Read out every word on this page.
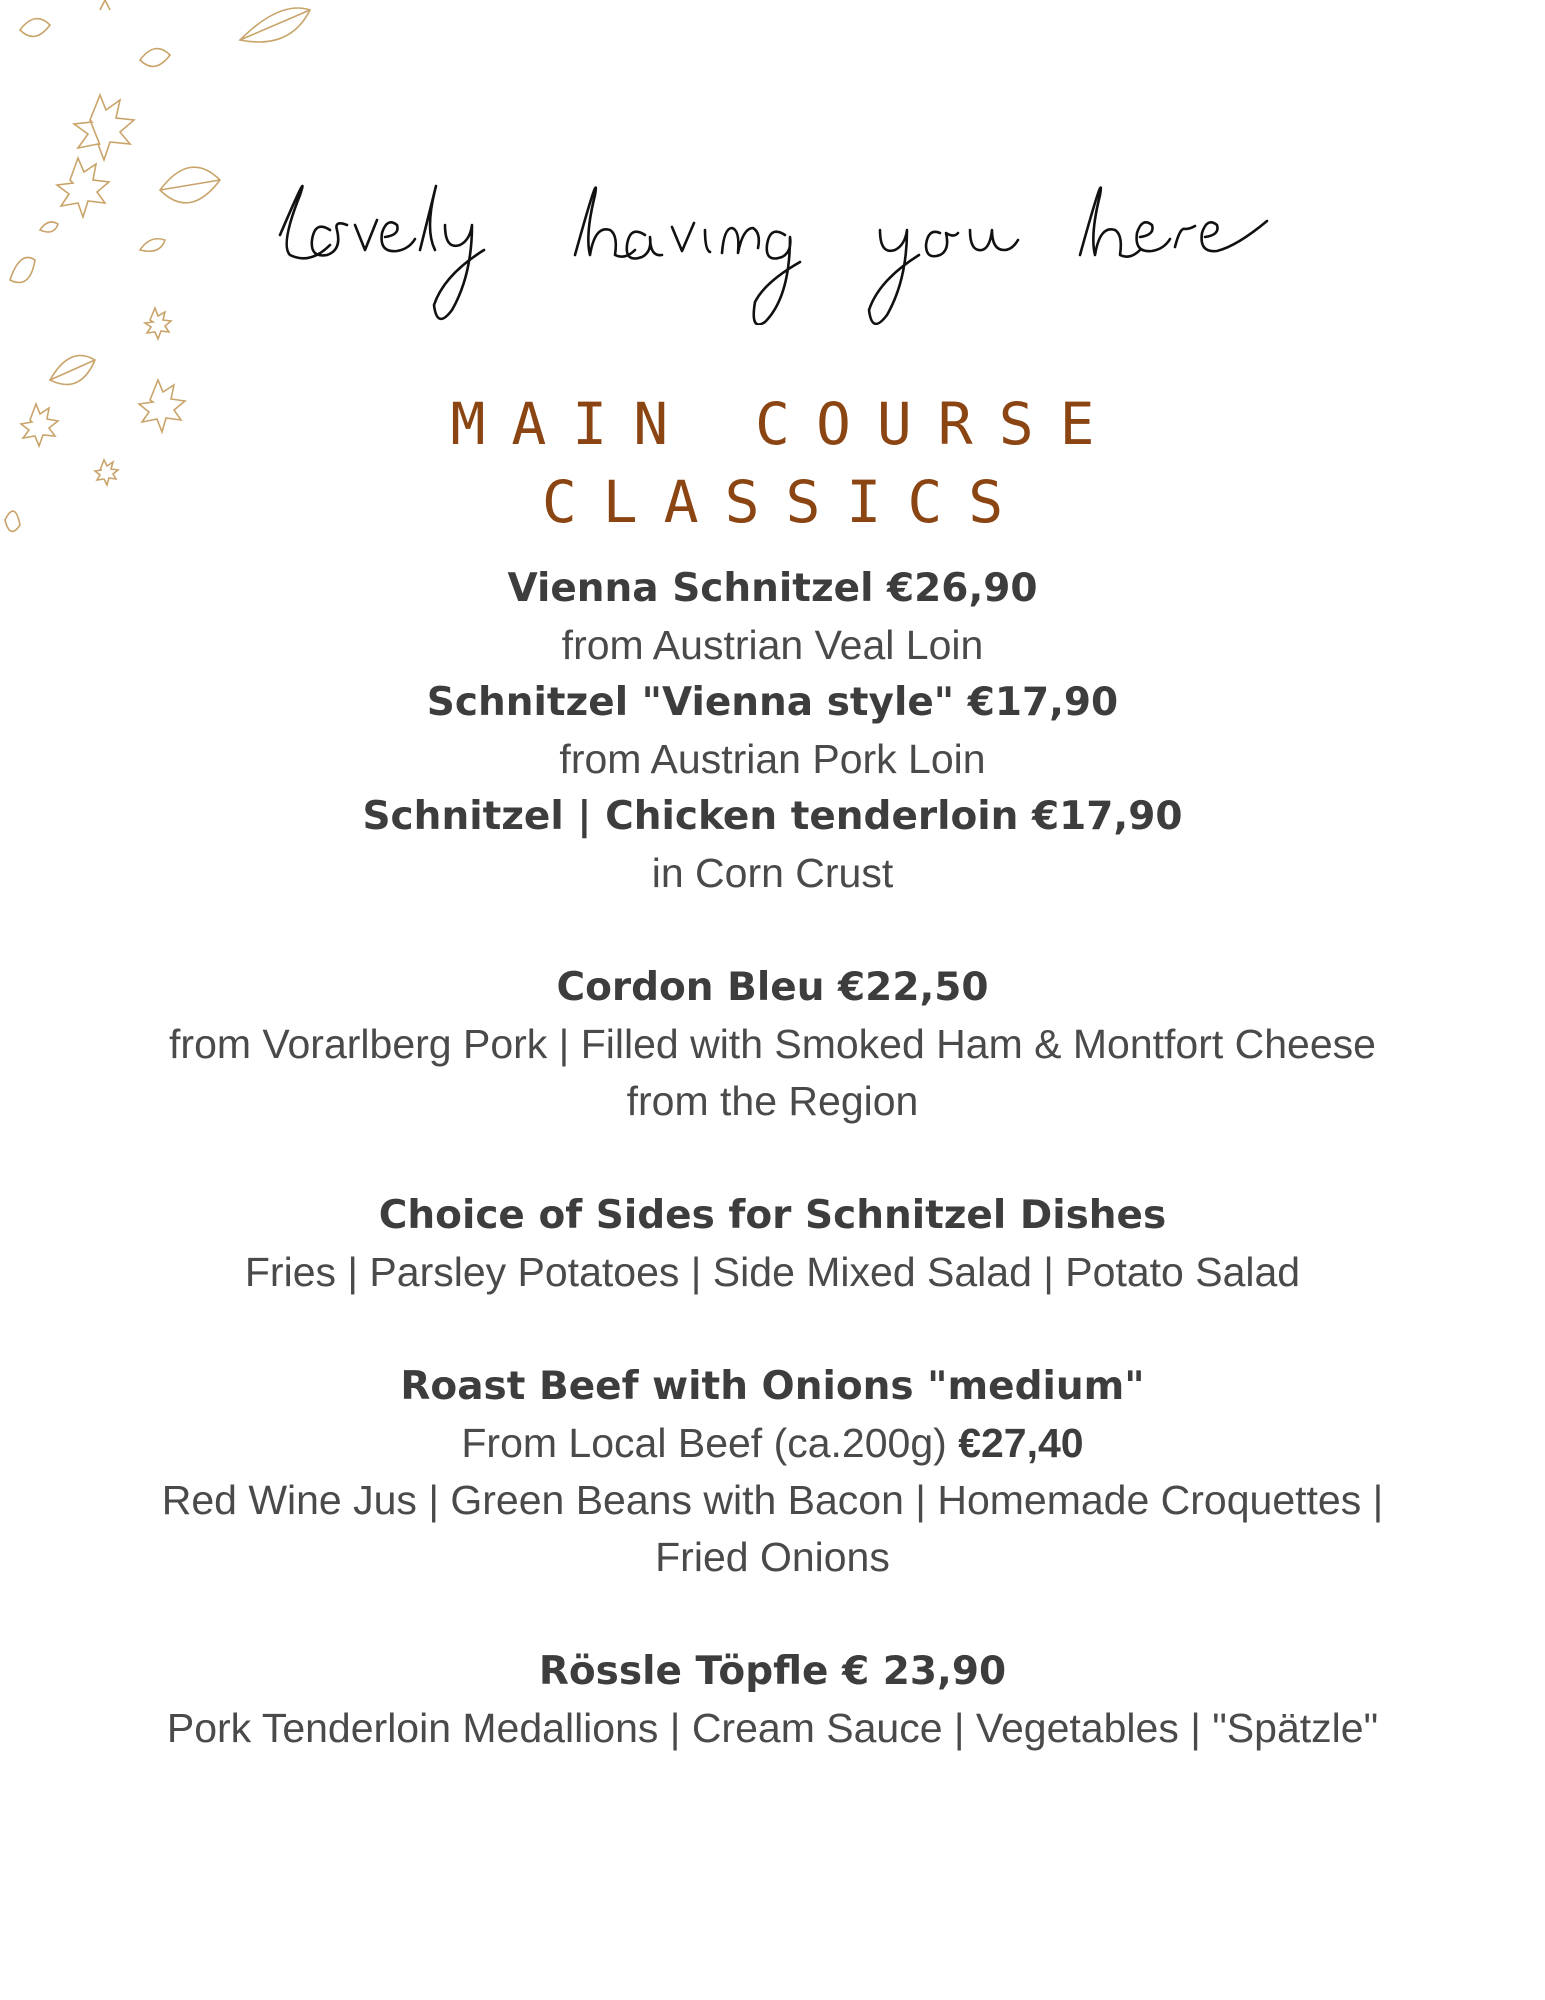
MAIN COURSE
CLASSICS
Vienna Schnitzel €26,90
from Austrian Veal Loin
Schnitzel "Vienna style" €17,90
from Austrian Pork Loin
Schnitzel | Chicken tenderloin €17,90
in Corn Crust
Cordon Bleu €22,50
from Vorarlberg Pork | Filled with Smoked Ham & Montfort Cheese
from the Region
Choice of Sides for Schnitzel Dishes
Fries | Parsley Potatoes | Side Mixed Salad | Potato Salad
Roast Beef with Onions "medium"
From Local Beef (ca.200g) €27,40
Red Wine Jus | Green Beans with Bacon | Homemade Croquettes |
Fried Onions
Rössle Töpfle € 23,90
Pork Tenderloin Medallions | Cream Sauce | Vegetables | "Spätzle"
